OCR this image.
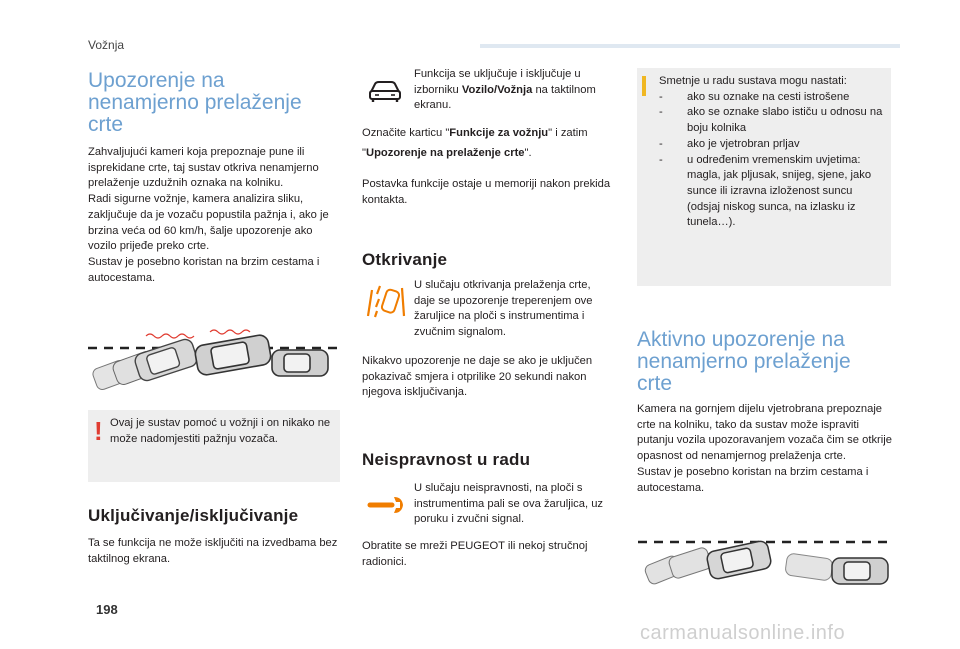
Vožnja
Upozorenje na
nenamjerno prelaženje
crte

Zahvaljujući kameri koja prepoznaje pune ili isprekidane crte, taj sustav otkriva nenamjerno prelaženje uzdužnih oznaka na kolniku.

Radi sigurne vožnje, kamera analizira sliku, zaključuje da je vozaču popustila pažnja i, ako je brzina veća od 60 km/h, šalje upozorenje ako vozilo prijeđe preko crte.

Sustav je posebno koristan na brzim cestama i autocestama.

! Ovaj je sustav pomoć u vožnji i on nikako ne može nadomjestiti pažnju vozača.
Uključivanje/isključivanje
Ta se funkcija ne može isključiti na izvedbama bez taktilnog ekrana.
Funkcija se uključuje i isključuje u izborniku Vozilo/Vožnja na taktilnom ekranu.
Označite karticu "Funkcije za vožnju" i zatim "Upozorenje na prelaženje crte".
Postavka funkcije ostaje u memoriji nakon prekida kontakta.
Otkrivanje
U slučaju otkrivanja prelaženja crte, daje se upozorenje treperenjem ove žaruljice na ploči s instrumentima i zvučnim signalom.
Nikakvo upozorenje ne daje se ako je uključen pokazivač smjera i otprilike 20 sekundi nakon njegova isključivanja.
Neispravnost u radu
U slučaju neispravnosti, na ploči s instrumentima pali se ova žaruljica, uz poruku i zvučni signal.
Obratite se mreži PEUGEOT ili nekoj stručnoj radionici.

Smetnje u radu sustava mogu nastati:

- ako su oznake na cesti istrošene
- ako se oznake slabo ističu u odnosu na boju kolnika
- ako je vjetrobran prljav
- u određenim vremenskim uvjetima: magla, jak pljusak, snijeg, sjene, jako sunce ili izravna izloženost suncu (odsjaj niskog sunca, na izlasku iz tunela…).
Aktivno upozorenje na
nenamjerno prelaženje
crte

Kamera na gornjem dijelu vjetrobrana prepoznaje crte na kolniku, tako da sustav može ispraviti putanju vozila upozoravanjem vozača čim se otkrije opasnost od nenamjernog prelaženja crte.

Sustav je posebno koristan na brzim cestama i autocestama.

198
carmanualsonline.info
